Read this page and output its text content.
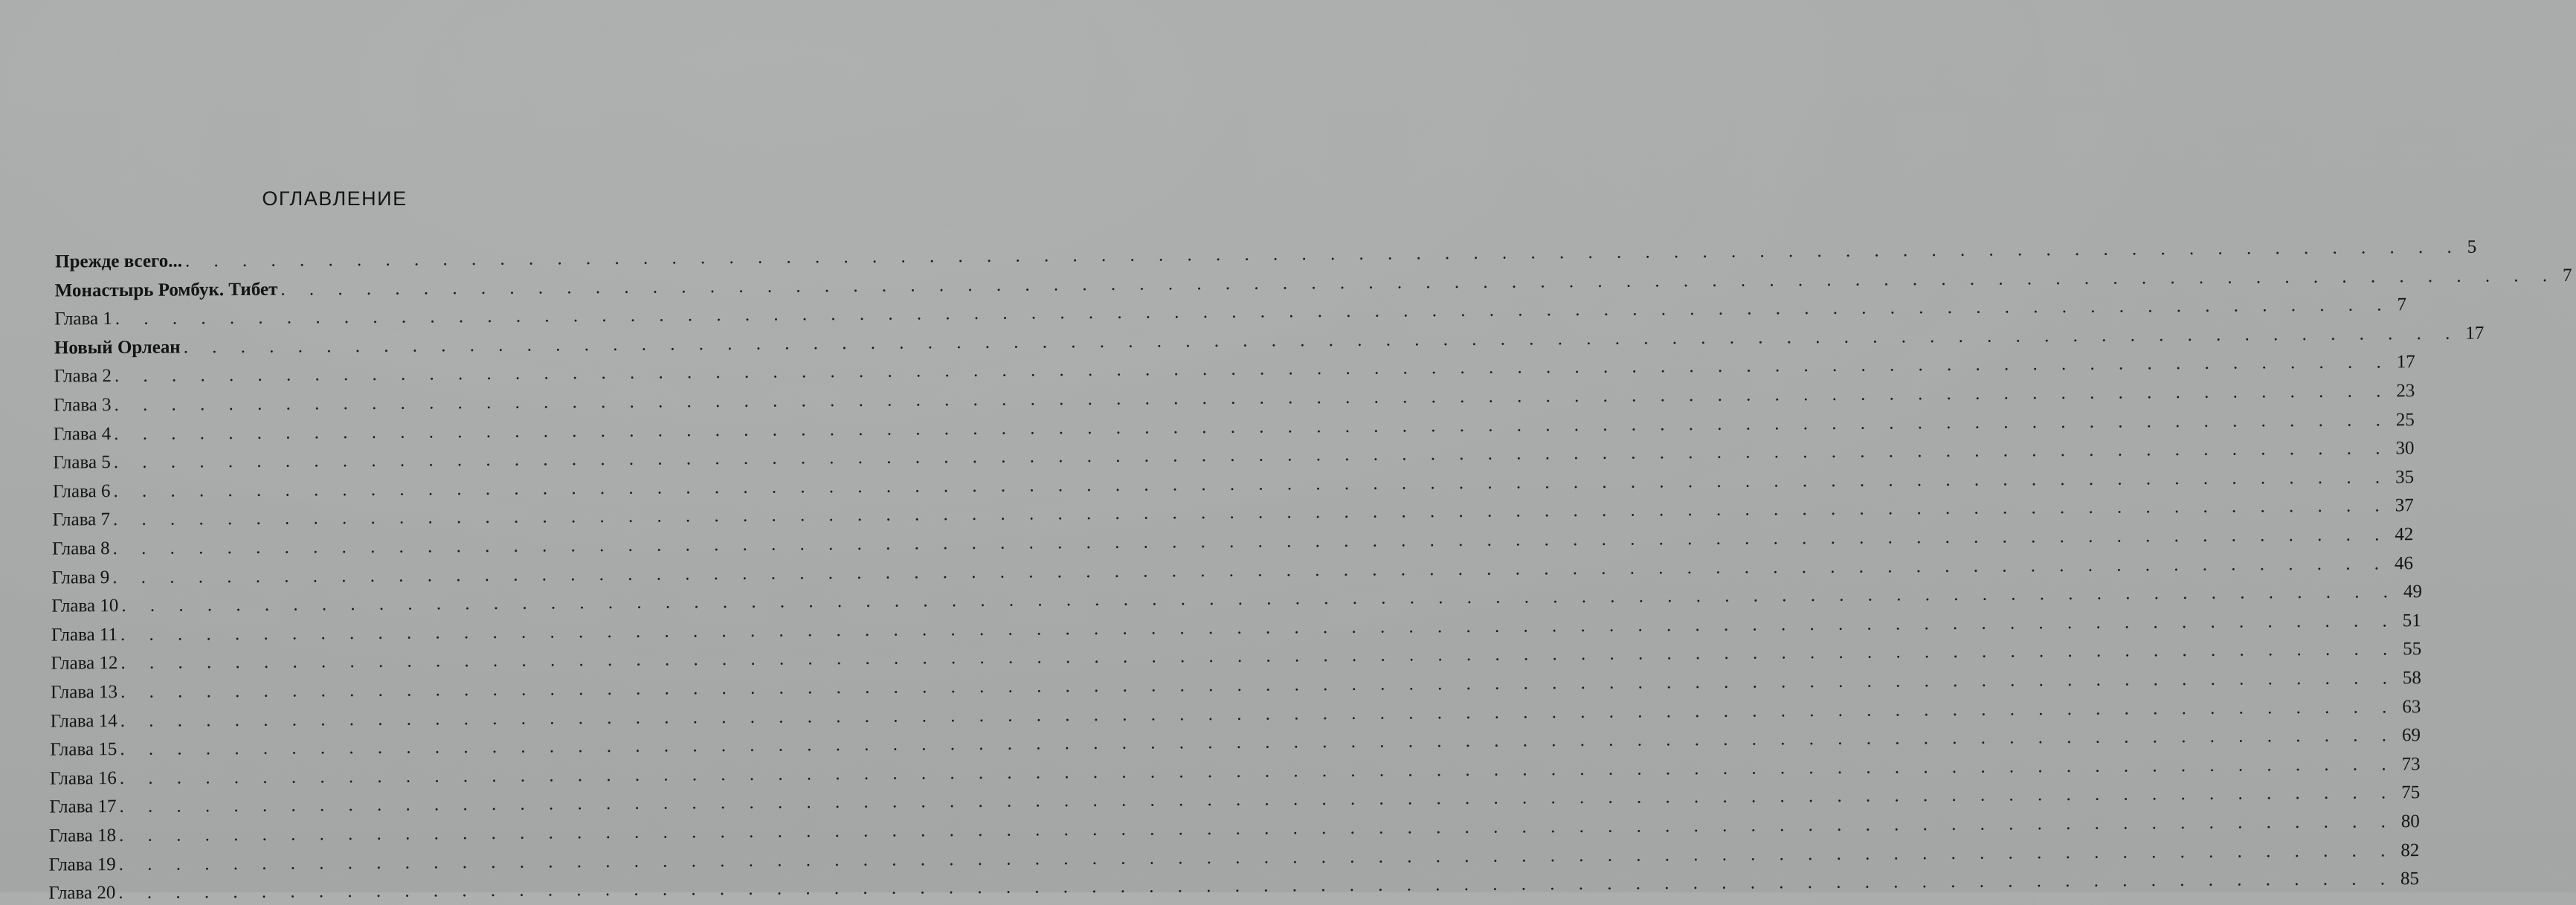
ОГЛАВЛЕНИЕ
Прежде всего... . . . . . . . . . . . . . . . . . . . . . . . . . . . . . . . . . . . . . . . . . . . . . . . . . . . . . . . . . . . . . . . . . . . . . . . . . . . . . . . . 5
Монастырь Ромбук. Тибет . . . . . . . . . . . . . . . . . . . . . . . . . . . . . . . . . . . . . . . . . . . . . . . . . . . . . . . . . . . . . . . . . . . . . . . . . . . . . . . . 7
Глава 1 . . . . . . . . . . . . . . . . . . . . . . . . . . . . . . . . . . . . . . . . . . . . . . . . . . . . . . . . . . . . . . . . . . . . . . . . . . . . . . . . 7
Новый Орлеан . . . . . . . . . . . . . . . . . . . . . . . . . . . . . . . . . . . . . . . . . . . . . . . . . . . . . . . . . . . . . . . . . . . . . . . . . . . . . . . . 17
Глава 2 . . . . . . . . . . . . . . . . . . . . . . . . . . . . . . . . . . . . . . . . . . . . . . . . . . . . . . . . . . . . . . . . . . . . . . . . . . . . . . . . 17
Глава 3 . . . . . . . . . . . . . . . . . . . . . . . . . . . . . . . . . . . . . . . . . . . . . . . . . . . . . . . . . . . . . . . . . . . . . . . . . . . . . . . . 23
Глава 4 . . . . . . . . . . . . . . . . . . . . . . . . . . . . . . . . . . . . . . . . . . . . . . . . . . . . . . . . . . . . . . . . . . . . . . . . . . . . . . . . 25
Глава 5 . . . . . . . . . . . . . . . . . . . . . . . . . . . . . . . . . . . . . . . . . . . . . . . . . . . . . . . . . . . . . . . . . . . . . . . . . . . . . . . . 30
Глава 6 . . . . . . . . . . . . . . . . . . . . . . . . . . . . . . . . . . . . . . . . . . . . . . . . . . . . . . . . . . . . . . . . . . . . . . . . . . . . . . . . 35
Глава 7 . . . . . . . . . . . . . . . . . . . . . . . . . . . . . . . . . . . . . . . . . . . . . . . . . . . . . . . . . . . . . . . . . . . . . . . . . . . . . . . . 37
Глава 8 . . . . . . . . . . . . . . . . . . . . . . . . . . . . . . . . . . . . . . . . . . . . . . . . . . . . . . . . . . . . . . . . . . . . . . . . . . . . . . . . 42
Глава 9 . . . . . . . . . . . . . . . . . . . . . . . . . . . . . . . . . . . . . . . . . . . . . . . . . . . . . . . . . . . . . . . . . . . . . . . . . . . . . . . . 46
Глава 10 . . . . . . . . . . . . . . . . . . . . . . . . . . . . . . . . . . . . . . . . . . . . . . . . . . . . . . . . . . . . . . . . . . . . . . . . . . . . . . . . 49
Глава 11 . . . . . . . . . . . . . . . . . . . . . . . . . . . . . . . . . . . . . . . . . . . . . . . . . . . . . . . . . . . . . . . . . . . . . . . . . . . . . . . . 51
Глава 12 . . . . . . . . . . . . . . . . . . . . . . . . . . . . . . . . . . . . . . . . . . . . . . . . . . . . . . . . . . . . . . . . . . . . . . . . . . . . . . . . 55
Глава 13 . . . . . . . . . . . . . . . . . . . . . . . . . . . . . . . . . . . . . . . . . . . . . . . . . . . . . . . . . . . . . . . . . . . . . . . . . . . . . . . . 58
Глава 14 . . . . . . . . . . . . . . . . . . . . . . . . . . . . . . . . . . . . . . . . . . . . . . . . . . . . . . . . . . . . . . . . . . . . . . . . . . . . . . . . 63
Глава 15 . . . . . . . . . . . . . . . . . . . . . . . . . . . . . . . . . . . . . . . . . . . . . . . . . . . . . . . . . . . . . . . . . . . . . . . . . . . . . . . . 69
Глава 16 . . . . . . . . . . . . . . . . . . . . . . . . . . . . . . . . . . . . . . . . . . . . . . . . . . . . . . . . . . . . . . . . . . . . . . . . . . . . . . . . 73
Глава 17 . . . . . . . . . . . . . . . . . . . . . . . . . . . . . . . . . . . . . . . . . . . . . . . . . . . . . . . . . . . . . . . . . . . . . . . . . . . . . . . . 75
Глава 18 . . . . . . . . . . . . . . . . . . . . . . . . . . . . . . . . . . . . . . . . . . . . . . . . . . . . . . . . . . . . . . . . . . . . . . . . . . . . . . . . 80
Глава 19 . . . . . . . . . . . . . . . . . . . . . . . . . . . . . . . . . . . . . . . . . . . . . . . . . . . . . . . . . . . . . . . . . . . . . . . . . . . . . . . . 82
Глава 20 . . . . . . . . . . . . . . . . . . . . . . . . . . . . . . . . . . . . . . . . . . . . . . . . . . . . . . . . . . . . . . . . . . . . . . . . . . . . . . . . 85
